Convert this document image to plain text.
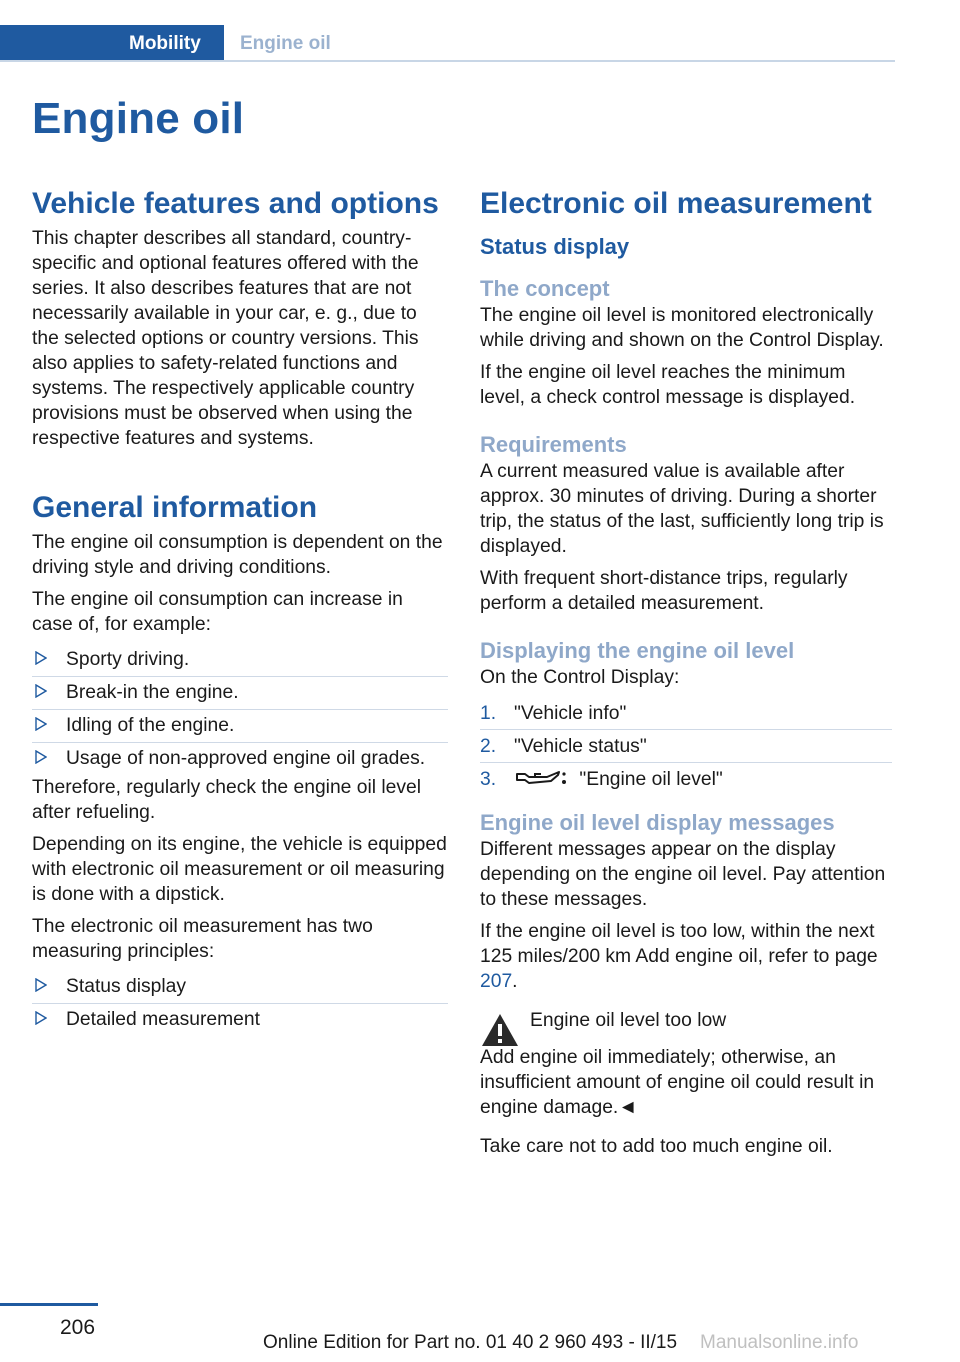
Mobility	Engine oil
Engine oil
Vehicle features and options

This chapter describes all standard, country-specific and optional features offered with the series. It also describes features that are not necessarily available in your car, e. g., due to the selected options or country versions. This also applies to safety-related functions and systems. The respectively applicable country provisions must be observed when using the respective features and systems.

General information

The engine oil consumption is dependent on the driving style and driving conditions.

The engine oil consumption can increase in case of, for example:

Sporty driving.
Break-in the engine.
Idling of the engine.
Usage of non-approved engine oil grades.

Therefore, regularly check the engine oil level after refueling.

Depending on its engine, the vehicle is equipped with electronic oil measurement or oil measuring is done with a dipstick.

The electronic oil measurement has two measuring principles:

Status display
Detailed measurement
Electronic oil measurement
Status display
The concept

The engine oil level is monitored electronically while driving and shown on the Control Display.

If the engine oil level reaches the minimum level, a check control message is displayed.

Requirements

A current measured value is available after approx. 30 minutes of driving. During a shorter trip, the status of the last, sufficiently long trip is displayed.

With frequent short-distance trips, regularly perform a detailed measurement.

Displaying the engine oil level

On the Control Display:

1. "Vehicle info"
2. "Vehicle status"
3.	"Engine oil level"
Engine oil level display messages

Different messages appear on the display depending on the engine oil level. Pay attention to these messages.

If the engine oil level is too low, within the next 125 miles/200 km Add engine oil, refer to page 207.

Engine oil level too low

Add engine oil immediately; otherwise, an insufficient amount of engine oil could result in engine damage.◄

Take care not to add too much engine oil.

206
Online Edition for Part no. 01 40 2 960 493 - II/15 Manualsonline.info
